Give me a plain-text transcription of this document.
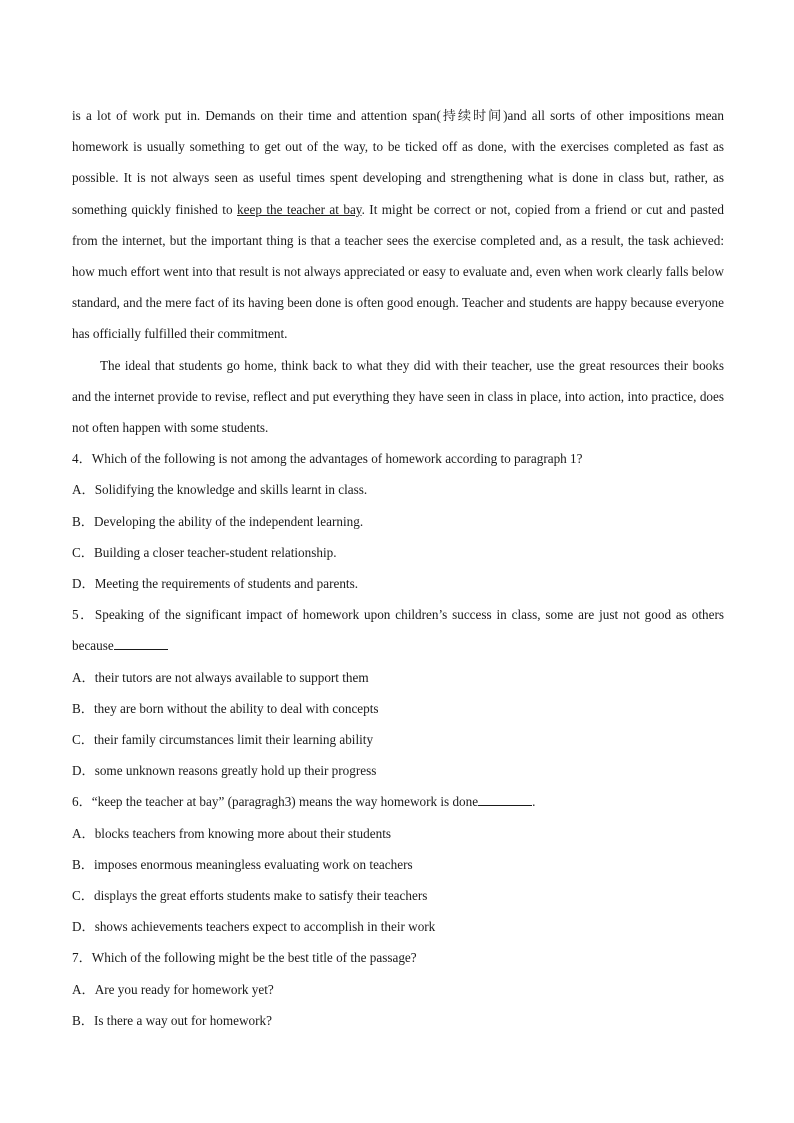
is a lot of work put in. Demands on their time and attention span(持续时间)and all sorts of other impositions mean homework is usually something to get out of the way, to be ticked off as done, with the exercises completed as fast as possible. It is not always seen as useful times spent developing and strengthening what is done in class but, rather, as something quickly finished to keep the teacher at bay. It might be correct or not, copied from a friend or cut and pasted from the internet, but the important thing is that a teacher sees the exercise completed and, as a result, the task achieved: how much effort went into that result is not always appreciated or easy to evaluate and, even when work clearly falls below standard, and the mere fact of its having been done is often good enough. Teacher and students are happy because everyone has officially fulfilled their commitment.

The ideal that students go home, think back to what they did with their teacher, use the great resources their books and the internet provide to revise, reflect and put everything they have seen in class in place, into action, into practice, does not often happen with some students.

4．Which of the following is not among the advantages of homework according to paragraph 1?

A．Solidifying the knowledge and skills learnt in class.

B．Developing the ability of the independent learning.

C．Building a closer teacher-student relationship.

D．Meeting the requirements of students and parents.

5．Speaking of the significant impact of homework upon children’s success in class, some are just not good as others because

A．their tutors are not always available to support them

B．they are born without the ability to deal with concepts

C．their family circumstances limit their learning ability

D．some unknown reasons greatly hold up their progress

6．“keep the teacher at bay” (paragragh3) means the way homework is done	.

A．blocks teachers from knowing more about their students

B．imposes enormous meaningless evaluating work on teachers

C．displays the great efforts students make to satisfy their teachers

D．shows achievements teachers expect to accomplish in their work

7．Which of the following might be the best title of the passage?

A．Are you ready for homework yet?

B．Is there a way out for homework?
